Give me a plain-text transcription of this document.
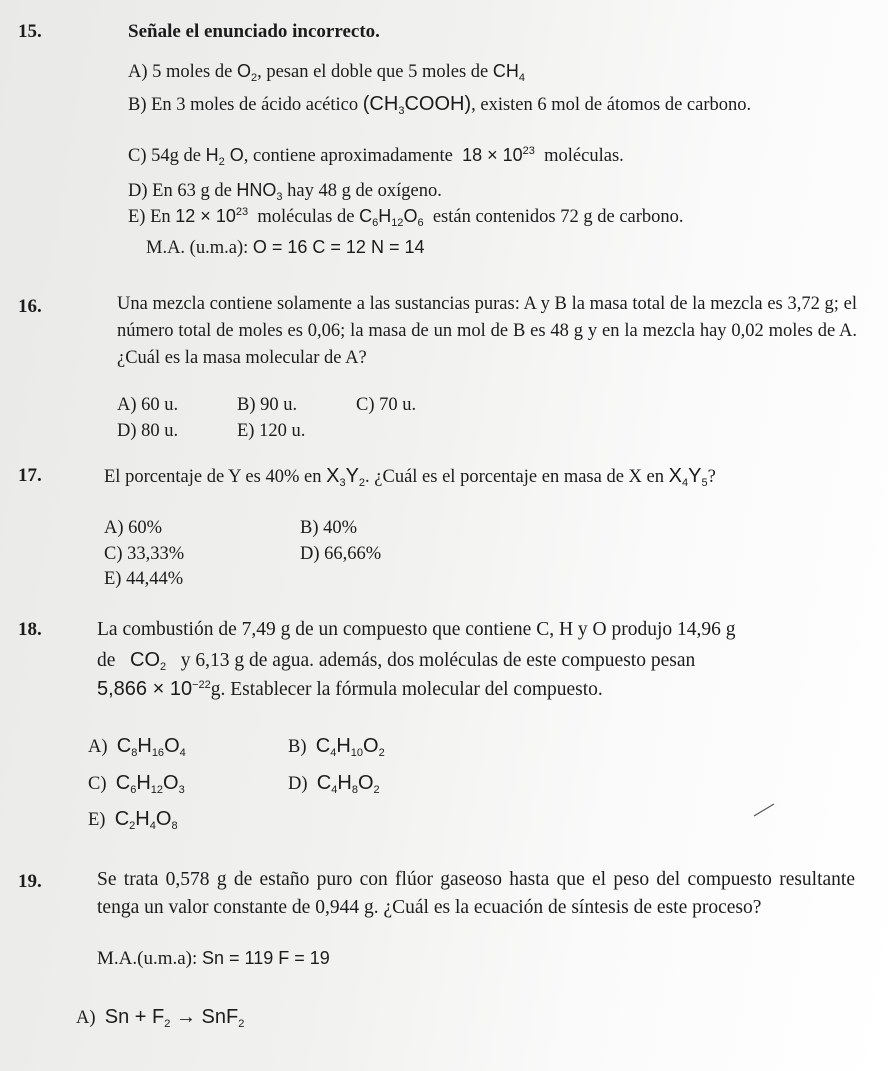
15.	Señale el enunciado incorrecto.
A) 5 moles de $O_2$, pesan el doble que 5 moles de $CH_4$
B) En 3 moles de ácido acético $(CH_3COOH)$, existen 6 mol de átomos de carbono.
C) 54g de $H_2$ O, contiene aproximadamente $18 \times 10^{23}$ moléculas.
D) En 63 g de $HNO_3$ hay 48 g de oxígeno.
E) En $12 \times 10^{23}$ moléculas de $C_6H_{12}O_6$ están contenidos 72 g de carbono.
M.A. (u.m.a): O = 16 C = 12 N = 14
16.	Una mezcla contiene solamente a las sustancias puras: A y B la masa total de la mezcla es 3,72 g; el número total de moles es 0,06; la masa de un mol de B es 48 g y en la mezcla hay 0,02 moles de A. ¿Cuál es la masa molecular de A?
A) 60 u.	B) 90 u.	C) 70 u.
D) 80 u.	E) 120 u.
17.	El porcentaje de Y es 40% en $X_3Y_2$. ¿Cuál es el porcentaje en masa de X en $X_4Y_5$?
A) 60%	B) 40%
C) 33,33%	D) 66,66%
E) 44,44%
18.	La combustión de 7,49 g de un compuesto que contiene C, H y O produjo 14,96 g
de $CO_2$ y 6,13 g de agua. además, dos moléculas de este compuesto pesan
$5,866 \times 10^{-22}g$. Establecer la fórmula molecular del compuesto.
A) $C_8H_{16}O_4$	B) $C_4H_{10}O_2$
C) $C_6H_{12}O_3$	D) $C_4H_8O_2$
E) $C_2H_4O_8$
19.	Se trata 0,578 g de estaño puro con flúor gaseoso hasta que el peso del compuesto resultante tenga un valor constante de 0,944 g. ¿Cuál es la ecuación de síntesis de este proceso?
M.A.(u.m.a): Sn = 119 F = 19
A) $Sn + F_2 \to SnF_2$
